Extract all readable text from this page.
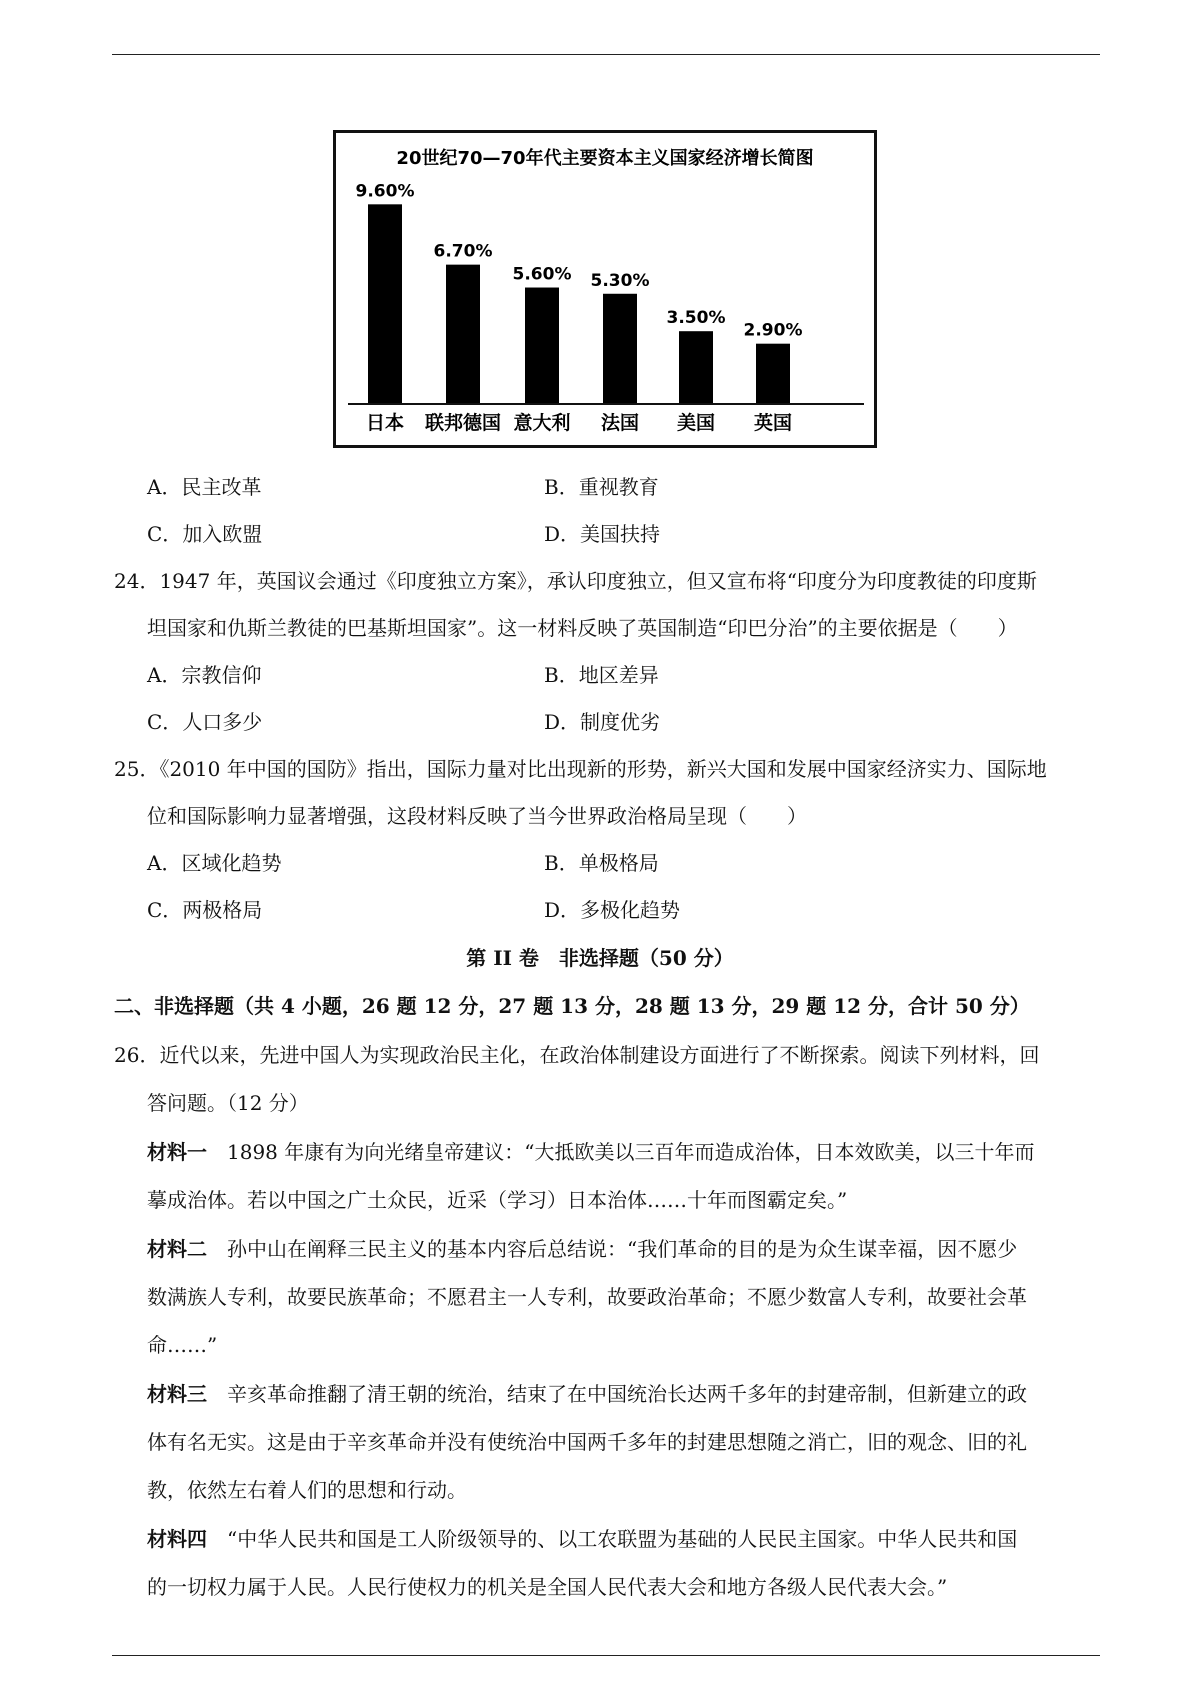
20世纪70—70年代主要资本主义国家经济增长简图
9.60%
日本
6.70%
联邦德国
5.60%
意大利
5.30%
法国
3.50%
美国
2.90%
英国
A．民主改革	B．重视教育
C．加入欧盟	D．美国扶持
24．1947 年，英国议会通过《印度独立方案》，承认印度独立，但又宣布将“印度分为印度教徒的印度斯
坦国家和仇斯兰教徒的巴基斯坦国家”。这一材料反映了英国制造“印巴分治”的主要依据是（　　）
A．宗教信仰	B．地区差异
C．人口多少	D．制度优劣
25．《2010 年中国的国防》指出，国际力量对比出现新的形势，新兴大国和发展中国家经济实力、国际地
位和国际影响力显著增强，这段材料反映了当今世界政治格局呈现（　　）
A．区域化趋势	B．单极格局
C．两极格局	D．多极化趋势
第 II 卷　非选择题（50 分）
二、非选择题（共 4 小题，26 题 12 分，27 题 13 分，28 题 13 分，29 题 12 分，合计 50 分）
26．近代以来，先进中国人为实现政治民主化，在政治体制建设方面进行了不断探索。阅读下列材料，回
答问题。（12 分）
材料一　 1898 年康有为向光绪皇帝建议：“大抵欧美以三百年而造成治体，日本效欧美，以三十年而
摹成治体。若以中国之广土众民，近采（学习）日本治体……十年而图霸定矣。”
材料二　 孙中山在阐释三民主义的基本内容后总结说：“我们革命的目的是为众生谋幸福，因不愿少
数满族人专利，故要民族革命；不愿君主一人专利，故要政治革命；不愿少数富人专利，故要社会革
命……”
材料三　 辛亥革命推翻了清王朝的统治，结束了在中国统治长达两千多年的封建帝制，但新建立的政
体有名无实。这是由于辛亥革命并没有使统治中国两千多年的封建思想随之消亡，旧的观念、旧的礼
教，依然左右着人们的思想和行动。
材料四　 “中华人民共和国是工人阶级领导的、以工农联盟为基础的人民民主国家。中华人民共和国
的一切权力属于人民。人民行使权力的机关是全国人民代表大会和地方各级人民代表大会。”
